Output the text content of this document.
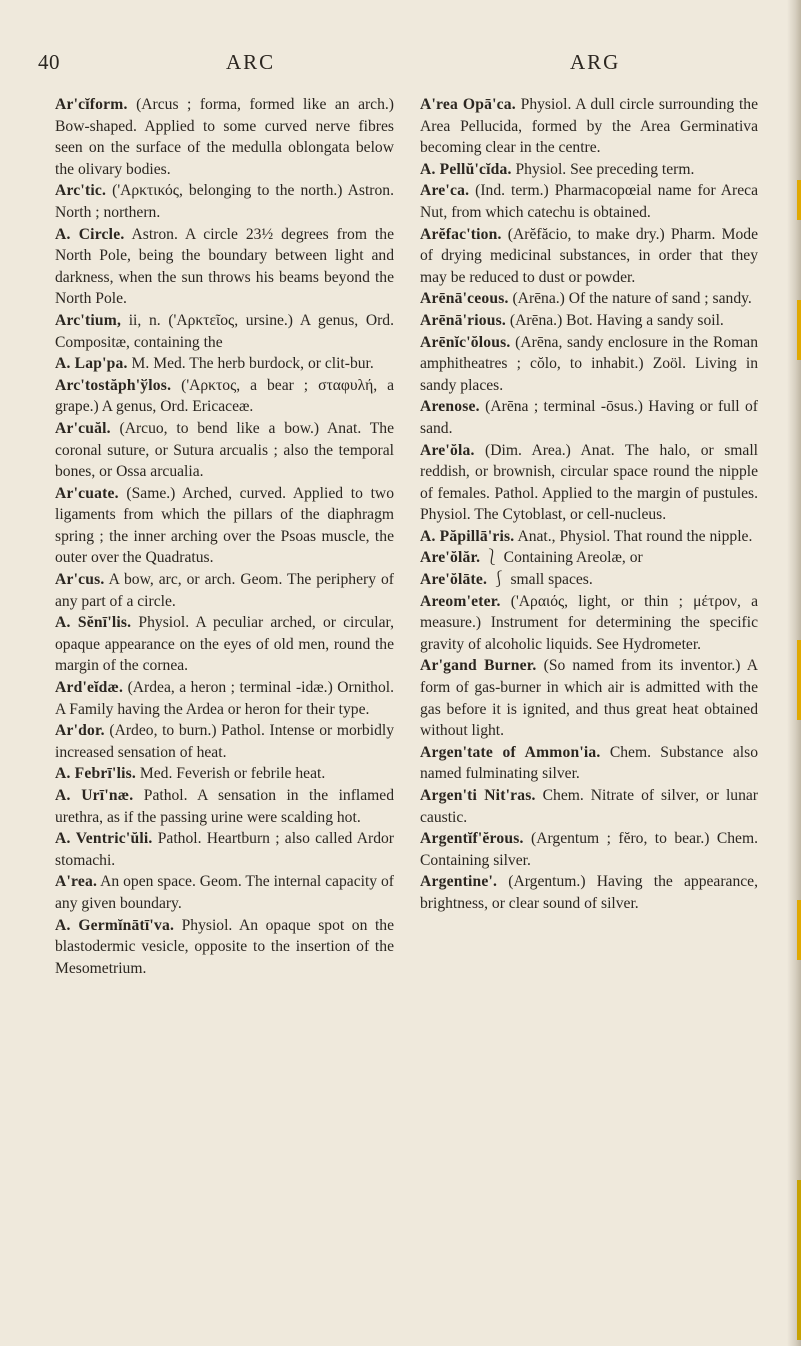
40	ARC	ARG

Ar'cĭform. (Arcus ; forma, formed like an arch.) Bow-shaped. Applied to some curved nerve fibres seen on the surface of the medulla oblongata below the olivary bodies.

Arc'tic. ('Αρκτικός, belonging to the north.) Astron. North ; northern.

A. Circle. Astron. A circle 23½ degrees from the North Pole, being the boundary between light and darkness, when the sun throws his beams beyond the North Pole.

Arc'tium, ii, n. ('Αρκτεῖος, ursine.) A genus, Ord. Compositæ, containing the

A. Lap'pa. M. Med. The herb burdock, or clit-bur.

Arc'tostăph'ўlos. ('Αρκτος, a bear ; σταφυλή, a grape.) A genus, Ord. Ericaceæ.

Ar'cuăl. (Arcuo, to bend like a bow.) Anat. The coronal suture, or Sutura arcualis ; also the temporal bones, or Ossa arcualia.

Ar'cuate. (Same.) Arched, curved. Applied to two ligaments from which the pillars of the diaphragm spring ; the inner arching over the Psoas muscle, the outer over the Quadratus.

Ar'cus. A bow, arc, or arch. Geom. The periphery of any part of a circle.

A. Sĕnī'lis. Physiol. A peculiar arched, or circular, opaque appearance on the eyes of old men, round the margin of the cornea.

Ard'eĭdæ. (Ardea, a heron ; terminal -idæ.) Ornithol. A Family having the Ardea or heron for their type.

Ar'dor. (Ardeo, to burn.) Pathol. Intense or morbidly increased sensation of heat.

A. Febrī'lis. Med. Feverish or febrile heat.

A. Urī'næ. Pathol. A sensation in the inflamed urethra, as if the passing urine were scalding hot.

A. Ventric'ŭli. Pathol. Heartburn ; also called Ardor stomachi.

A'rea. An open space. Geom. The internal capacity of any given boundary.

A. Germĭnātī'va. Physiol. An opaque spot on the blastodermic vesicle, opposite to the insertion of the Mesometrium.

A'rea Opā'ca. Physiol. A dull circle surrounding the Area Pellucida, formed by the Area Germinativa becoming clear in the centre.

A. Pellŭ'cĭda. Physiol. See preceding term.

Are'ca. (Ind. term.) Pharmacopœial name for Areca Nut, from which catechu is obtained.

Arĕfac'tion. (Arĕfăcio, to make dry.) Pharm. Mode of drying medicinal substances, in order that they may be reduced to dust or powder.

Arēnā'ceous. (Arēna.) Of the nature of sand ; sandy.

Arēnā'rious. (Arēna.) Bot. Having a sandy soil.

Arēnĭc'ŏlous. (Arēna, sandy enclosure in the Roman amphitheatres ; cŏlo, to inhabit.) Zoöl. Living in sandy places.

Arenose. (Arēna ; terminal -ōsus.) Having or full of sand.

Are'ŏla. (Dim. Area.) Anat. The halo, or small reddish, or brownish, circular space round the nipple of females. Pathol. Applied to the margin of pustules. Physiol. The Cytoblast, or cell-nucleus.

A. Păpillā'ris. Anat., Physiol. That round the nipple.

Are'ŏlăr. ⎱ Containing Areolæ, or

Are'ŏlāte. ⎰ small spaces.

Areom'eter. ('Αραιός, light, or thin ; μέτρον, a measure.) Instrument for determining the specific gravity of alcoholic liquids. See Hydrometer.

Ar'gand Burner. (So named from its inventor.) A form of gas-burner in which air is admitted with the gas before it is ignited, and thus great heat obtained without light.

Argen'tate of Ammon'ia. Chem. Substance also named fulminating silver.

Argen'ti Nit'ras. Chem. Nitrate of silver, or lunar caustic.

Argentĭf'ĕrous. (Argentum ; fĕro, to bear.) Chem. Containing silver.

Argentine'. (Argentum.) Having the appearance, brightness, or clear sound of silver.
